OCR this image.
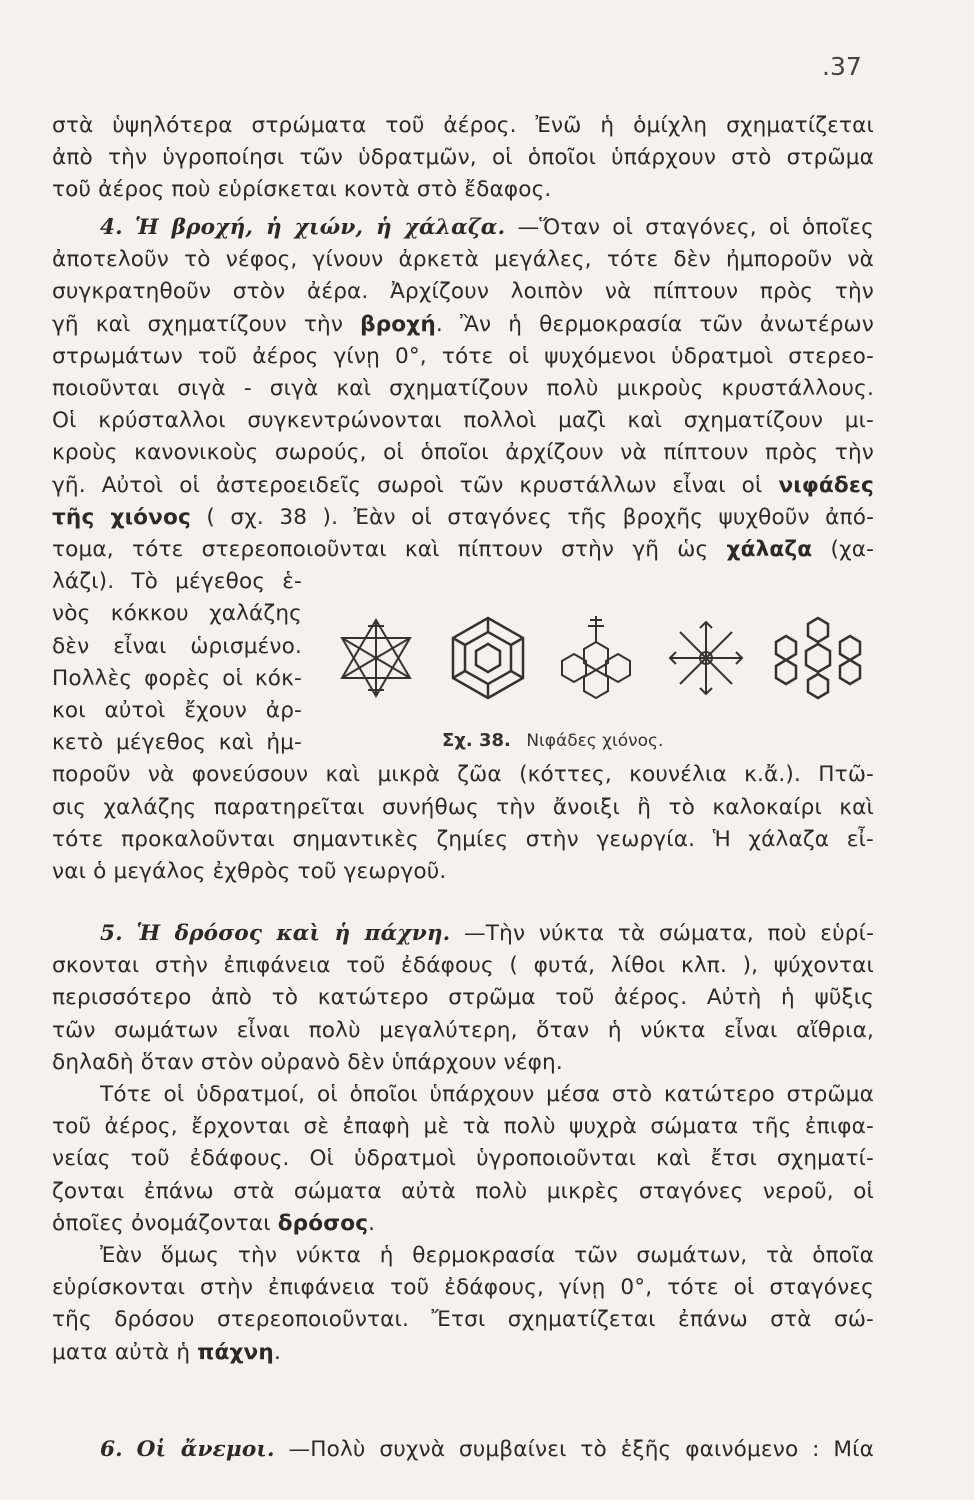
.37
στὰ ὑψηλότερα στρώματα τοῦ ἀέρος. Ἐνῶ ἡ ὁμίχλη σχηματίζεται
ἀπὸ τὴν ὑγροποίησι τῶν ὑδρατμῶν, οἱ ὁποῖοι ὑπάρχουν στὸ στρῶμα
τοῦ ἀέρος ποὺ εὑρίσκεται κοντὰ στὸ ἔδαφος.
4. Ἡ βροχή, ἡ χιών, ἡ χάλαζα. —Ὅταν οἱ σταγόνες, οἱ ὁποῖες
ἀποτελοῦν τὸ νέφος, γίνουν ἀρκετὰ μεγάλες, τότε δὲν ἠμποροῦν νὰ
συγκρατηθοῦν στὸν ἀέρα. Ἀρχίζουν λοιπὸν νὰ πίπτουν πρὸς τὴν
γῆ καὶ σχηματίζουν τὴν βροχή. Ἂν ἡ θερμοκρασία τῶν ἀνωτέρων
στρωμάτων τοῦ ἀέρος γίνῃ 0°, τότε οἱ ψυχόμενοι ὑδρατμοὶ στερεο-
ποιοῦνται σιγὰ - σιγὰ καὶ σχηματίζουν πολὺ μικροὺς κρυστάλλους.
Οἱ κρύσταλλοι συγκεντρώνονται πολλοὶ μαζὶ καὶ σχηματίζουν μι-
κροὺς κανονικοὺς σωρούς, οἱ ὁποῖοι ἀρχίζουν νὰ πίπτουν πρὸς τὴν
γῆ. Αὐτοὶ οἱ ἀστεροειδεῖς σωροὶ τῶν κρυστάλλων εἶναι οἱ νιφάδες
τῆς χιόνος ( σχ. 38 ). Ἐὰν οἱ σταγόνες τῆς βροχῆς ψυχθοῦν ἀπό-
τομα, τότε στερεοποιοῦνται καὶ πίπτουν στὴν γῆ ὡς χάλαζα (χα-
λάζι). Τὸ μέγεθος ἑ-
νὸς κόκκου χαλάζης
δὲν εἶναι ὡρισμένο.
Πολλὲς φορὲς οἱ κόκ-
κοι αὐτοὶ ἔχουν ἀρ-
κετὸ μέγεθος καὶ ἠμ-
ποροῦν νὰ φονεύσουν καὶ μικρὰ ζῶα (κόττες, κουνέλια κ.ἄ.). Πτῶ-
σις χαλάζης παρατηρεῖται συνήθως τὴν ἄνοιξι ἢ τὸ καλοκαίρι καὶ
τότε προκαλοῦνται σημαντικὲς ζημίες στὴν γεωργία. Ἡ χάλαζα εἶ-
ναι ὁ μεγάλος ἐχθρὸς τοῦ γεωργοῦ.
Σχ. 38. Νιφάδες χιόνος.
5. Ἡ δρόσος καὶ ἡ πάχνη. —Τὴν νύκτα τὰ σώματα, ποὺ εὑρί-
σκονται στὴν ἐπιφάνεια τοῦ ἐδάφους ( φυτά, λίθοι κλπ. ), ψύχονται
περισσότερο ἀπὸ τὸ κατώτερο στρῶμα τοῦ ἀέρος. Αὐτὴ ἡ ψῦξις
τῶν σωμάτων εἶναι πολὺ μεγαλύτερη, ὅταν ἡ νύκτα εἶναι αἴθρια,
δηλαδὴ ὅταν στὸν οὐρανὸ δὲν ὑπάρχουν νέφη.
Τότε οἱ ὑδρατμοί, οἱ ὁποῖοι ὑπάρχουν μέσα στὸ κατώτερο στρῶμα
τοῦ ἀέρος, ἔρχονται σὲ ἐπαφὴ μὲ τὰ πολὺ ψυχρὰ σώματα τῆς ἐπιφα-
νείας τοῦ ἐδάφους. Οἱ ὑδρατμοὶ ὑγροποιοῦνται καὶ ἔτσι σχηματί-
ζονται ἐπάνω στὰ σώματα αὐτὰ πολὺ μικρὲς σταγόνες νεροῦ, οἱ
ὁποῖες ὀνομάζονται δρόσος.
Ἐὰν ὅμως τὴν νύκτα ἡ θερμοκρασία τῶν σωμάτων, τὰ ὁποῖα
εὑρίσκονται στὴν ἐπιφάνεια τοῦ ἐδάφους, γίνῃ 0°, τότε οἱ σταγόνες
τῆς δρόσου στερεοποιοῦνται. Ἔτσι σχηματίζεται ἐπάνω στὰ σώ-
ματα αὐτὰ ἡ πάχνη.
6. Οἱ ἄνεμοι. —Πολὺ συχνὰ συμβαίνει τὸ ἑξῆς φαινόμενο : Μία
